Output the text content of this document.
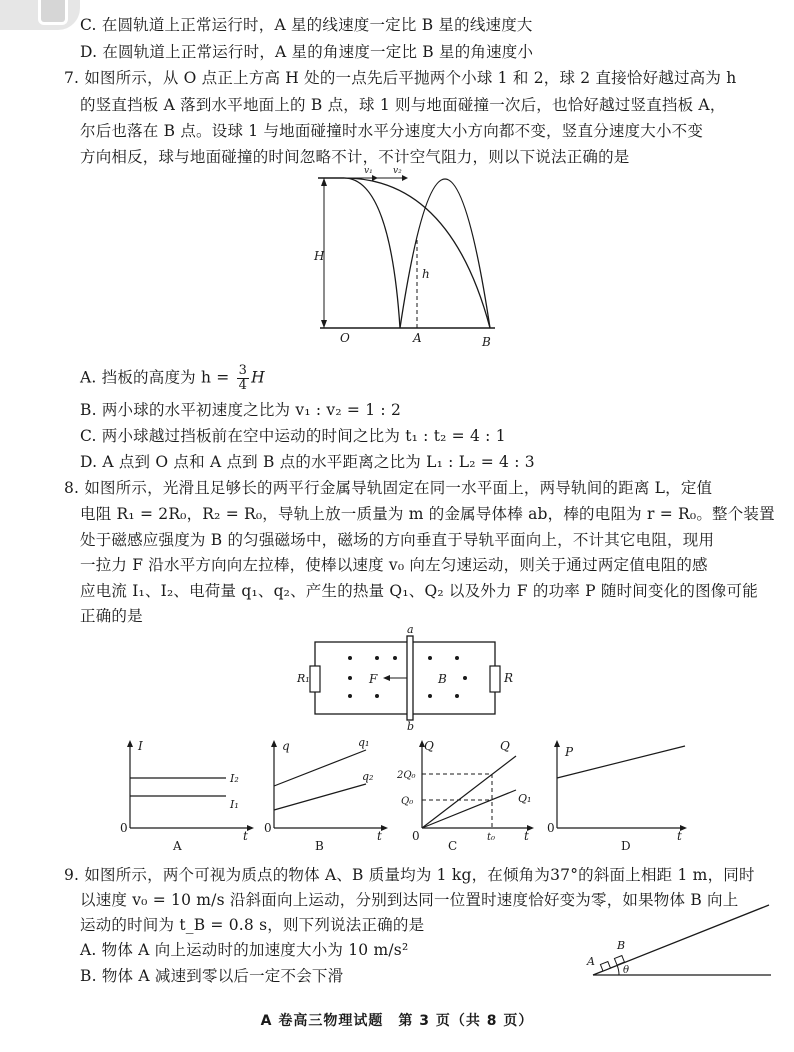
C. 在圆轨道上正常运行时，A 星的线速度一定比 B 星的线速度大
D. 在圆轨道上正常运行时，A 星的角速度一定比 B 星的角速度小
7. 如图所示，从 O 点正上方高 H 处的一点先后平抛两个小球 1 和 2，球 2 直接恰好越过高为 h
的竖直挡板 A 落到水平地面上的 B 点，球 1 则与地面碰撞一次后，也恰好越过竖直挡板 A，
尔后也落在 B 点。设球 1 与地面碰撞时水平分速度大小方向都不变，竖直分速度大小不变
方向相反，球与地面碰撞的时间忽略不计，不计空气阻力，则以下说法正确的是
H
v₁ v₂
h
O	A	B
A. 挡板的高度为 $h = \frac{3}{4}$ H
B. 两小球的水平初速度之比为 v₁ : v₂ = 1 : 2
C. 两小球越过挡板前在空中运动的时间之比为 t₁ : t₂ = 4 : 1
D. A 点到 O 点和 A 点到 B 点的水平距离之比为 L₁ : L₂ = 4 : 3
8. 如图所示，光滑且足够长的两平行金属导轨固定在同一水平面上，两导轨间的距离 L，定值
电阻 R₁ = 2R₀，R₂ = R₀，导轨上放一质量为 m 的金属导体棒 ab，棒的电阻为 r = R₀。整个装置
处于磁感应强度为 B 的匀强磁场中，磁场的方向垂直于导轨平面向上，不计其它电阻，现用
一拉力 F 沿水平方向向左拉棒，使棒以速度 v₀ 向左匀速运动，则关于通过两定值电阻的感
应电流 I₁、I₂、电荷量 q₁、q₂、产生的热量 Q₁、Q₂ 以及外力 F 的功率 P 随时间变化的图像可能
正确的是
R₁	R
a
b
F	B
I
t
0
I₂
I₁
A
q
t
0
q₁
q₂
B
Q
t
0
2Q₀
Q₀
t₀
Q
Q₁
C
P
t
0
D
9. 如图所示，两个可视为质点的物体 A、B 质量均为 1 kg，在倾角为37°的斜面上相距 1 m，同时
以速度 v₀ = 10 m/s 沿斜面向上运动，分别到达同一位置时速度恰好变为零，如果物体 B 向上
运动的时间为 t_B = 0.8 s，则下列说法正确的是
A. 物体 A 向上运动时的加速度大小为 10 m/s²
B. 物体 A 减速到零以后一定不会下滑
A
B
θ
A 卷高三物理试题　第 3 页（共 8 页）
